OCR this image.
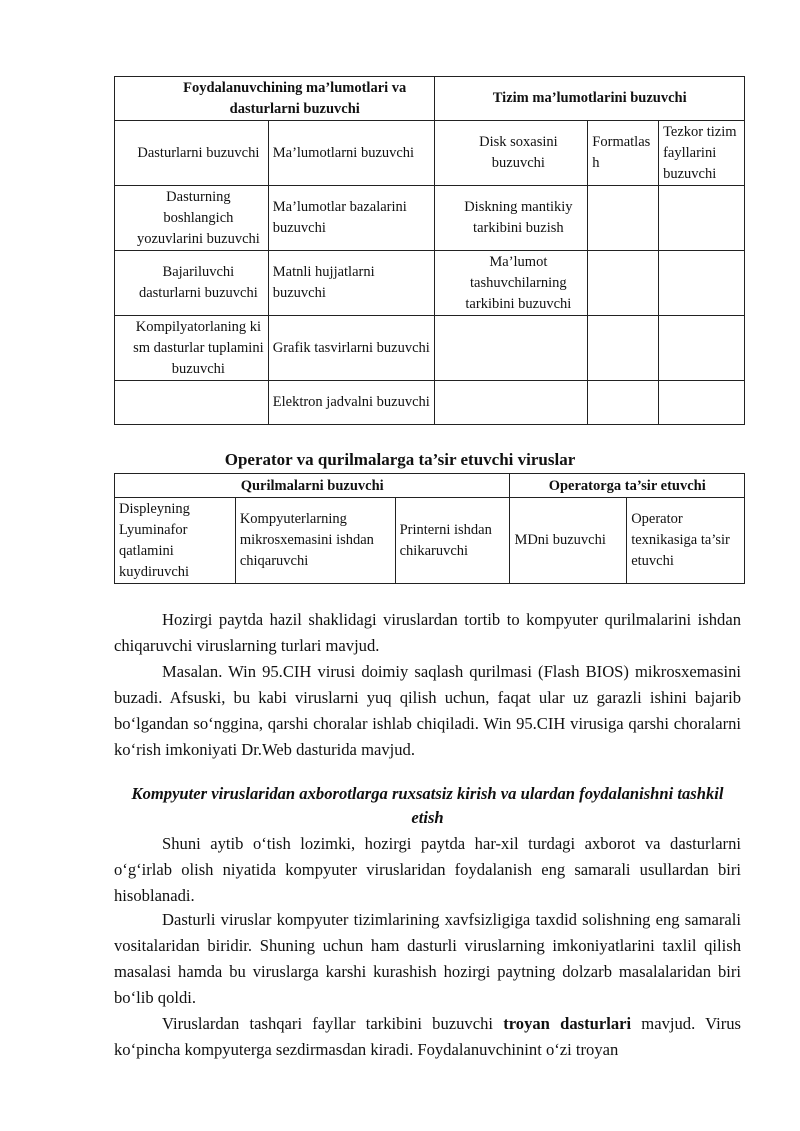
Foydalanuvchining ma’lumotlari va dasturlarni buzuvchi		Tizim ma’lumotlarini buzuvchi		
Dasturlarni buzuvchi	Ma’lumotlarni buzuvchi	Disk soxasini buzuvchi	Formatlash	Tezkor tizim fayllarini buzuvchi
Dasturning boshlangich yozuvlarini buzuvchi	Ma’lumotlar bazalarini buzuvchi	Diskning mantikiy tarkibini buzish		
Bajariluvchi dasturlarni buzuvchi	Matnli hujjatlarni buzuvchi	Ma’lumot tashuvchilarning tarkibini buzuvchi		
Kompilyatorlaning kism dasturlar tuplamini buzuvchi	Grafik tasvirlarni buzuvchi			
	Elektron jadvalni buzuvchi			
Operator va qurilmalarga ta’sir etuvchi viruslar
Qurilmalarni buzuvchi			Operatorga ta’sir etuvchi	
Displeyning Lyuminafor qatlamini kuydiruvchi	Kompyuterlarning mikrosxemasini ishdan chiqaruvchi	Printerni ishdan chikaruvchi	MDni buzuvchi	Operator texnikasiga ta’sir etuvchi

Hozirgi paytda hazil shaklidagi viruslardan tortib to kompyuter qurilmalarini ishdan chiqaruvchi viruslarning turlari mavjud.

Masalan. Win 95.CIH virusi doimiy saqlash qurilmasi (Flash BIOS) mikrosxemasini buzadi. Afsuski, bu kabi viruslarni yuq qilish uchun, faqat ular uz garazli ishini bajarib bo‘lgandan so‘nggina, qarshi choralar ishlab chiqiladi. Win 95.CIH virusiga qarshi choralarni ko‘rish imkoniyati Dr.Web dasturida mavjud.

Kompyuter viruslaridan axborotlarga ruxsatsiz kirish va ulardan foydalanishni tashkil etish

Shuni aytib o‘tish lozimki, hozirgi paytda har-xil turdagi axborot va dasturlarni o‘g‘irlab olish niyatida kompyuter viruslaridan foydalanish eng samarali usullardan biri hisoblanadi.

Dasturli viruslar kompyuter tizimlarining xavfsizligiga taxdid solishning eng samarali vositalaridan biridir. Shuning uchun ham dasturli viruslarning imkoniyatlarini taxlil qilish masalasi hamda bu viruslarga karshi kurashish hozirgi paytning dolzarb masalalaridan biri bo‘lib qoldi.

Viruslardan tashqari fayllar tarkibini buzuvchi troyan dasturlari mavjud. Virus ko‘pincha kompyuterga sezdirmasdan kiradi. Foydalanuvchinint o‘zi troyan
